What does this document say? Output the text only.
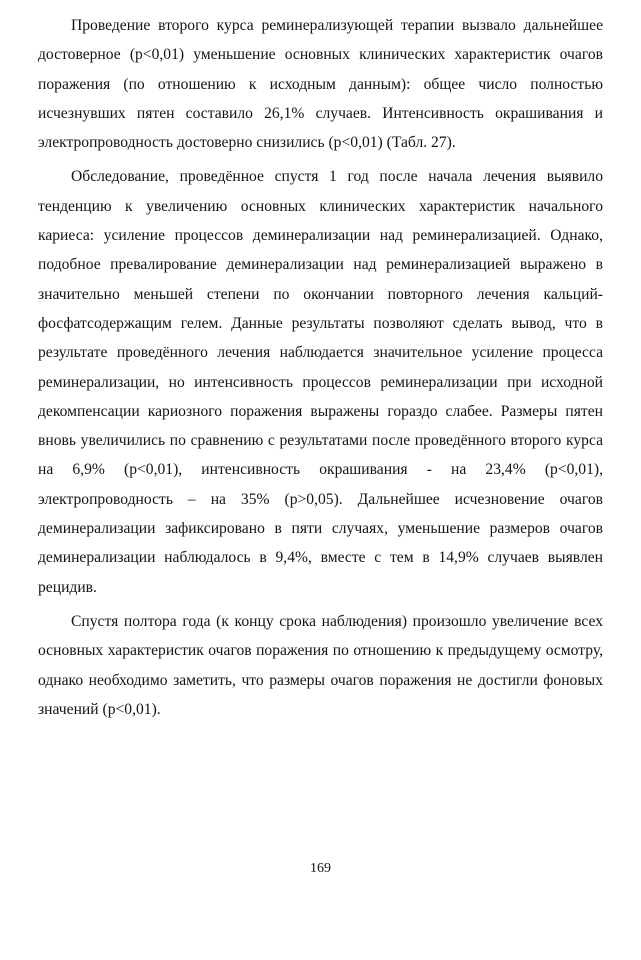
Проведение второго курса реминерализующей терапии вызвало дальнейшее достоверное (p<0,01) уменьшение основных клинических характеристик очагов поражения (по отношению к исходным данным): общее число полностью исчезнувших пятен составило 26,1% случаев. Интенсивность окрашивания и электропроводность достоверно снизились (p<0,01) (Табл. 27).

Обследование, проведённое спустя 1 год после начала лечения выявило тенденцию к увеличению основных клинических характеристик начального кариеса: усиление процессов деминерализации над реминерализацией. Однако, подобное превалирование деминерализации над реминерализацией выражено в значительно меньшей степени по окончании повторного лечения кальций-фосфатсодержащим гелем. Данные результаты позволяют сделать вывод, что в результате проведённого лечения наблюдается значительное усиление процесса реминерализации, но интенсивность процессов реминерализации при исходной декомпенсации кариозного поражения выражены гораздо слабее. Размеры пятен вновь увеличились по сравнению с результатами после проведённого второго курса на 6,9% (p<0,01), интенсивность окрашивания - на 23,4% (p<0,01), электропроводность – на 35% (p>0,05). Дальнейшее исчезновение очагов деминерализации зафиксировано в пяти случаях, уменьшение размеров очагов деминерализации наблюдалось в 9,4%, вместе с тем в 14,9% случаев выявлен рецидив.

Спустя полтора года (к концу срока наблюдения) произошло увеличение всех основных характеристик очагов поражения по отношению к предыдущему осмотру, однако необходимо заметить, что размеры очагов поражения не достигли фоновых значений (p<0,01).

169
